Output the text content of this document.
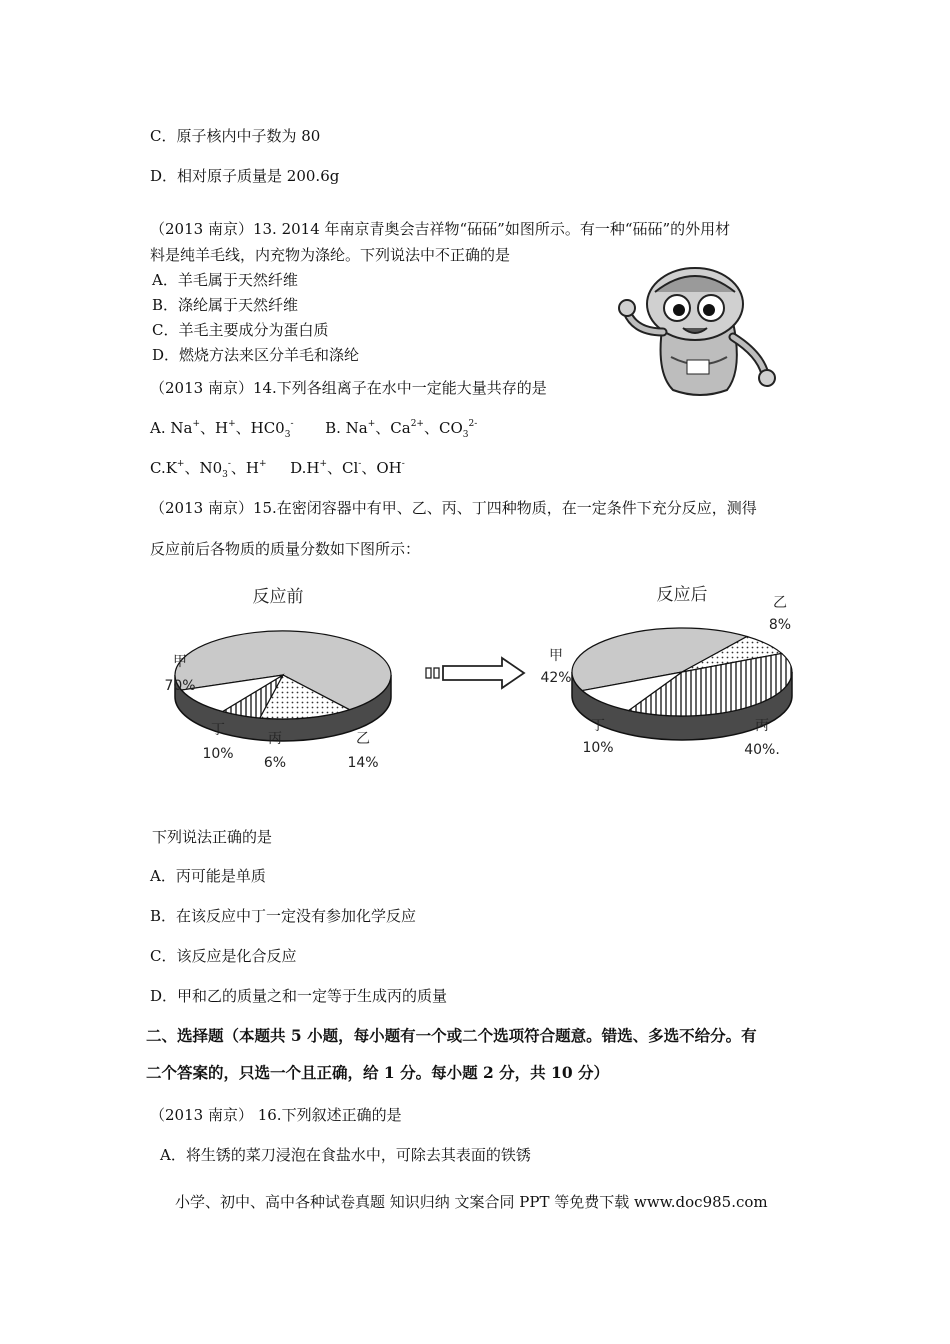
C．原子核内中子数为 80
D．相对原子质量是 200.6g
（2013 南京）13. 2014 年南京青奥会吉祥物“砳砳”如图所示。有一种“砳砳”的外用材
料是纯羊毛线，内充物为涤纶。下列说法中不正确的是
A．羊毛属于天然纤维
B．涤纶属于天然纤维
C．羊毛主要成分为蛋白质
D．燃烧方法来区分羊毛和涤纶
（2013 南京）14.下列各组离子在水中一定能大量共存的是
A. Na+、H+、$HC0_3^-$ B. Na+、$Ca^{2+}$、$CO_3^{2-}$
C.K+、$N0_3^-$、H+ D.H+、Cl-、OH-
（2013 南京）15.在密闭容器中有甲、乙、丙、丁四种物质，在一定条件下充分反应，测得
反应前后各物质的质量分数如下图所示：
反应前	反应后
甲
70%
丁
10%
丙
6%
乙
14%
甲
42%
乙
8%
丁
10%
丙
40%.
下列说法正确的是
A．丙可能是单质
B．在该反应中丁一定没有参加化学反应
C．该反应是化合反应
D．甲和乙的质量之和一定等于生成丙的质量
二、选择题（本题共 5 小题，每小题有一个或二个选项符合题意。错选、多选不给分。有
二个答案的，只选一个且正确，给 1 分。每小题 2 分，共 10 分）
（2013 南京） 16.下列叙述正确的是
A．将生锈的菜刀浸泡在食盐水中，可除去其表面的铁锈
小学、初中、高中各种试卷真题 知识归纳 文案合同 PPT 等免费下载 www.doc985.com
